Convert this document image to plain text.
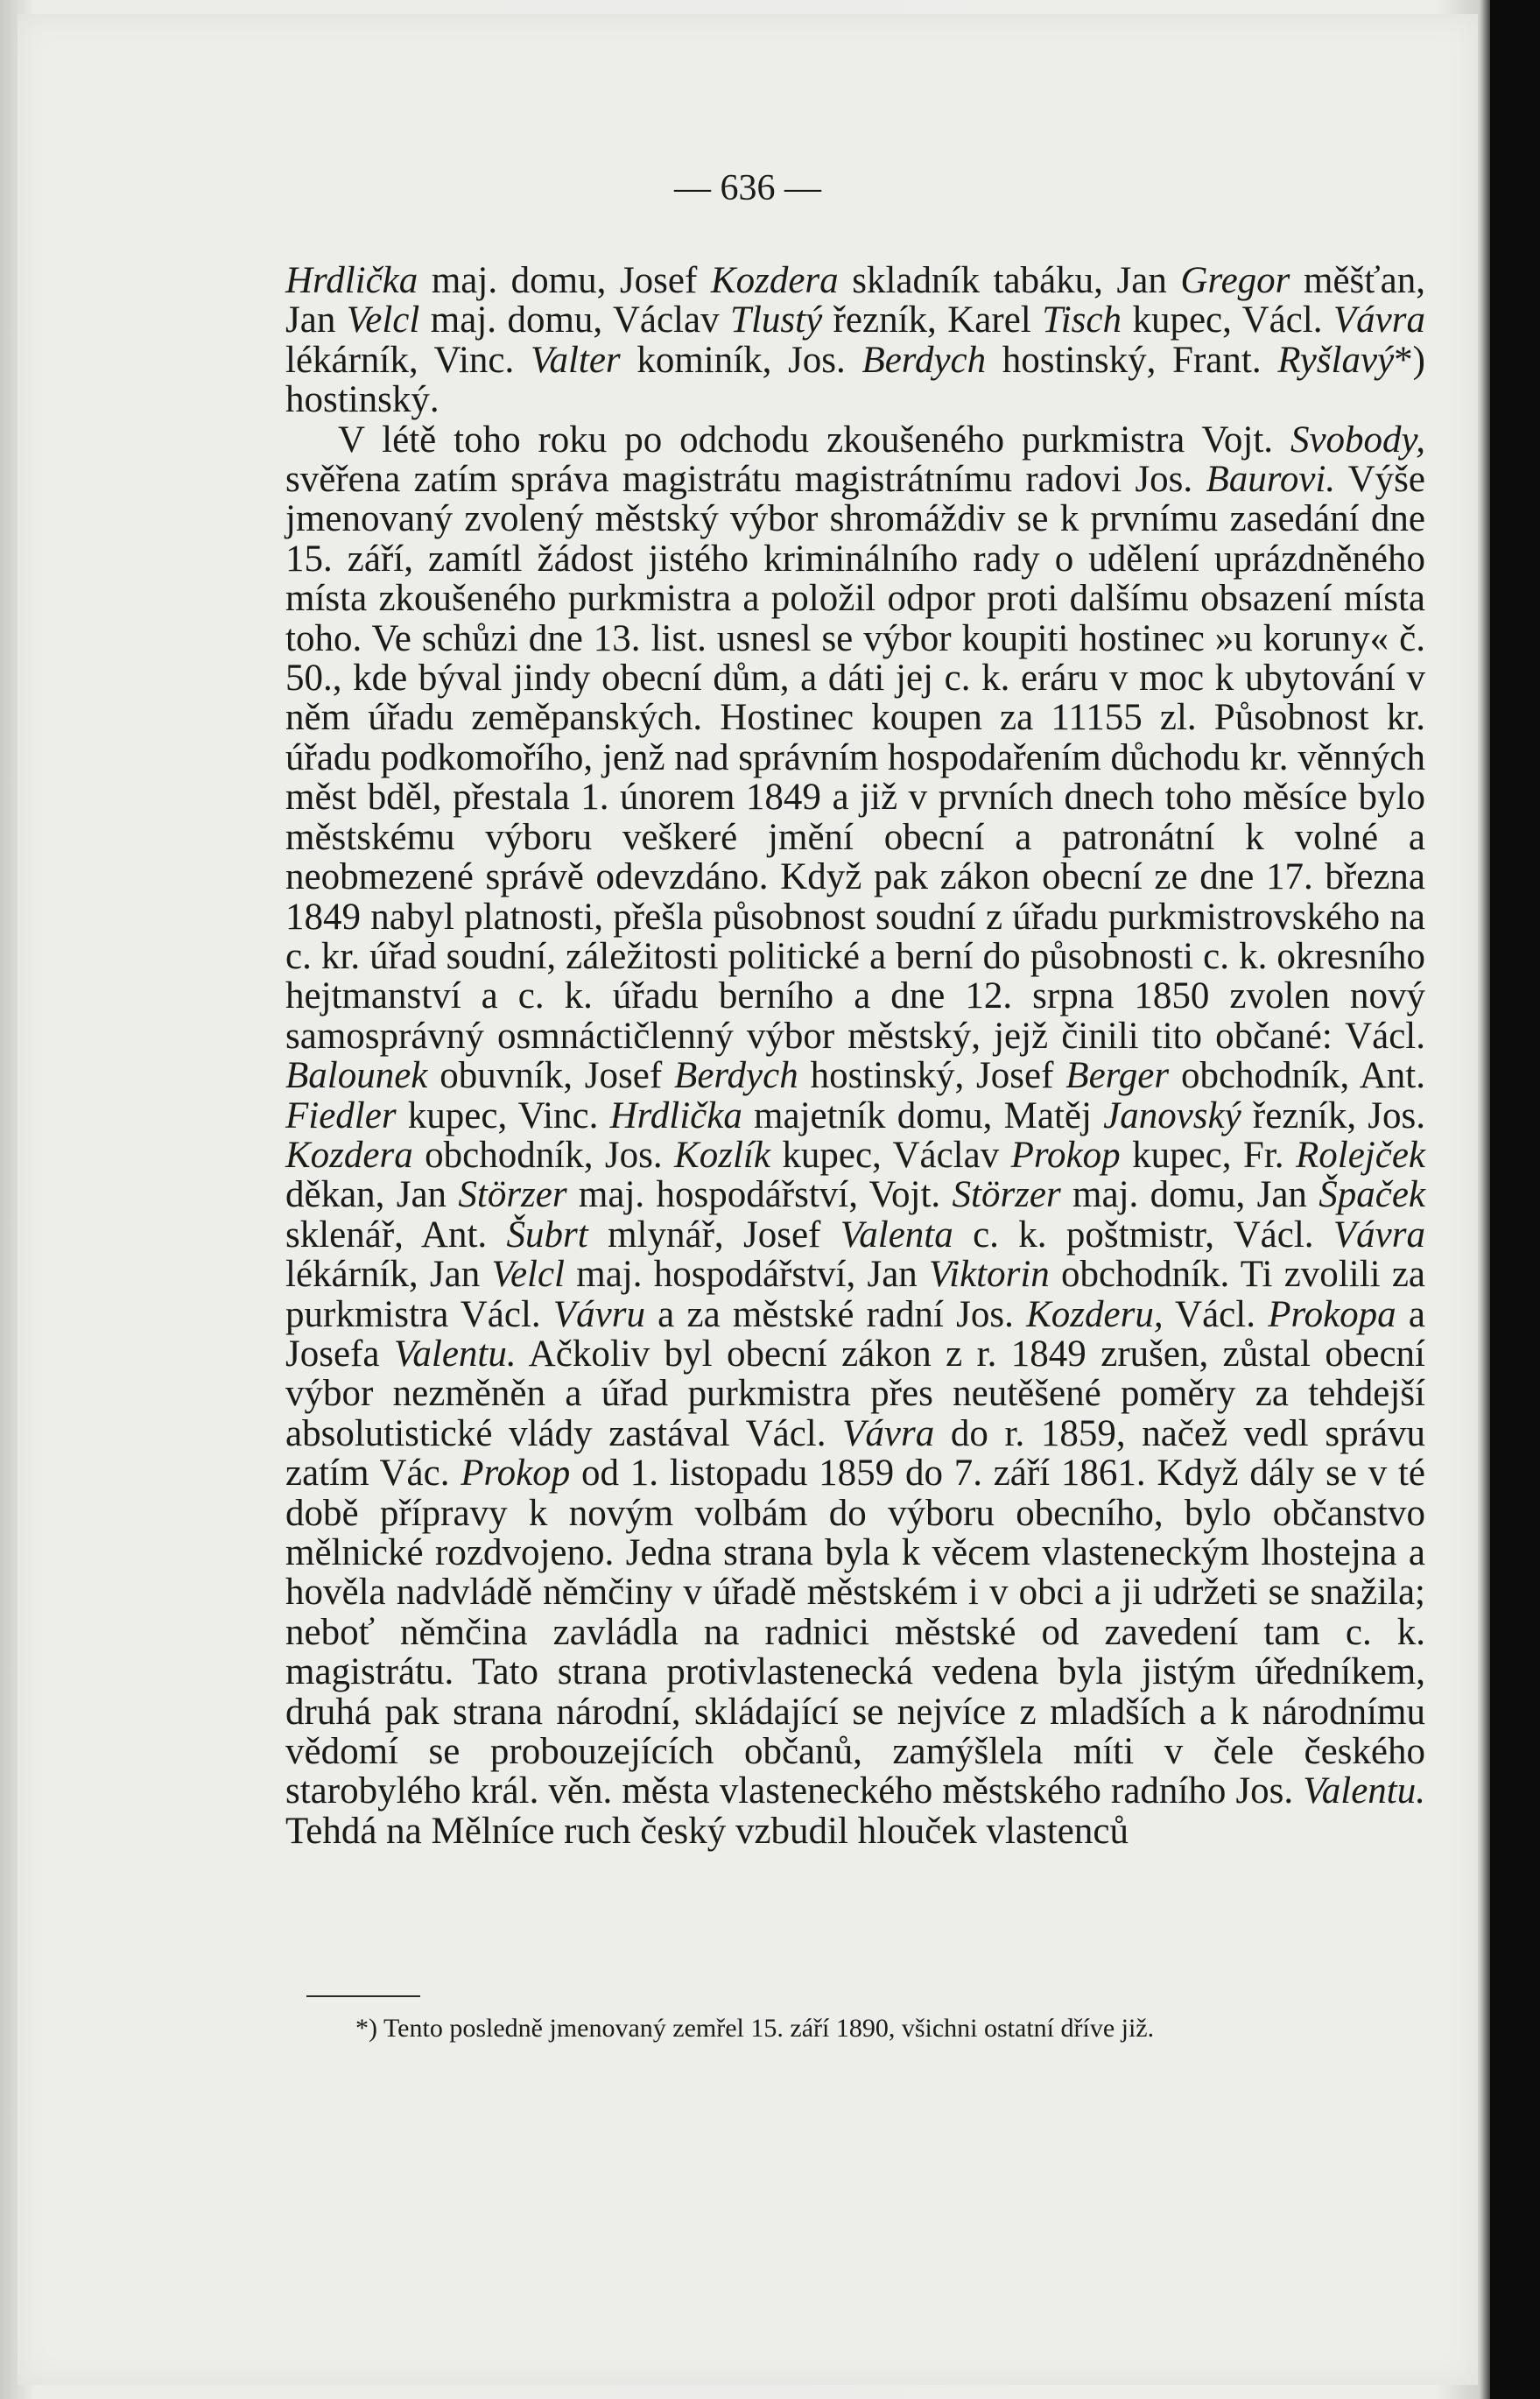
— 636 —

Hrdlička maj. domu, Josef Kozdera skladník tabáku, Jan Gregor měšťan, Jan Velcl maj. domu, Václav Tlustý řezník, Karel Tisch kupec, Václ. Vávra lékárník, Vinc. Valter kominík, Jos. Berdych hostinský, Frant. Ryšlavý*) hostinský.

V létě toho roku po odchodu zkoušeného purkmistra Vojt. Svobody, svěřena zatím správa magistrátu magistrátnímu radovi Jos. Baurovi. Výše jmenovaný zvolený městský výbor shromáždiv se k prvnímu zasedání dne 15. září, zamítl žádost jistého kriminálního rady o udělení uprázdněného místa zkoušeného purkmistra a položil odpor proti dalšímu obsazení místa toho. Ve schůzi dne 13. list. usnesl se výbor koupiti hostinec »u koruny« č. 50., kde býval jindy obecní dům, a dáti jej c. k. eráru v moc k ubytování v něm úřadu zeměpanských. Hostinec koupen za 11155 zl. Působnost kr. úřadu podkomořího, jenž nad správním hospodařením důchodu kr. věnných měst bděl, přestala 1. únorem 1849 a již v prvních dnech toho měsíce bylo městskému výboru veškeré jmění obecní a patronátní k volné a neobmezené správě odevzdáno. Když pak zákon obecní ze dne 17. března 1849 nabyl platnosti, přešla působnost soudní z úřadu purkmistrovského na c. kr. úřad soudní, záležitosti politické a berní do působnosti c. k. okresního hejtmanství a c. k. úřadu berního a dne 12. srpna 1850 zvolen nový samosprávný osmnáctičlenný výbor městský, jejž činili tito občané: Václ. Balounek obuvník, Josef Berdych hostinský, Josef Berger obchodník, Ant. Fiedler kupec, Vinc. Hrdlička majetník domu, Matěj Janovský řezník, Jos. Kozdera obchodník, Jos. Kozlík kupec, Václav Prokop kupec, Fr. Rolejček děkan, Jan Störzer maj. hospodářství, Vojt. Störzer maj. domu, Jan Špaček sklenář, Ant. Šubrt mlynář, Josef Valenta c. k. poštmistr, Václ. Vávra lékárník, Jan Velcl maj. hospodářství, Jan Viktorin obchodník. Ti zvolili za purkmistra Václ. Vávru a za městské radní Jos. Kozderu, Václ. Prokopa a Josefa Valentu. Ačkoliv byl obecní zákon z r. 1849 zrušen, zůstal obecní výbor nezměněn a úřad purkmistra přes neutěšené poměry za tehdejší absolutistické vlády zastával Václ. Vávra do r. 1859, načež vedl správu zatím Vác. Prokop od 1. listopadu 1859 do 7. září 1861. Když dály se v té době přípravy k novým volbám do výboru obecního, bylo občanstvo mělnické rozdvojeno. Jedna strana byla k věcem vlasteneckým lhostejna a hověla nadvládě němčiny v úřadě městském i v obci a ji udržeti se snažila; neboť němčina zavládla na radnici městské od zavedení tam c. k. magistrátu. Tato strana protivlastenecká vedena byla jistým úředníkem, druhá pak strana národní, skládající se nejvíce z mladších a k národnímu vědomí se probouzejících občanů, zamýšlela míti v čele českého starobylého král. věn. města vlasteneckého městského radního Jos. Valentu. Tehdá na Mělníce ruch český vzbudil hlouček vlastenců

*) Tento posledně jmenovaný zemřel 15. září 1890, všichni ostatní dříve již.
